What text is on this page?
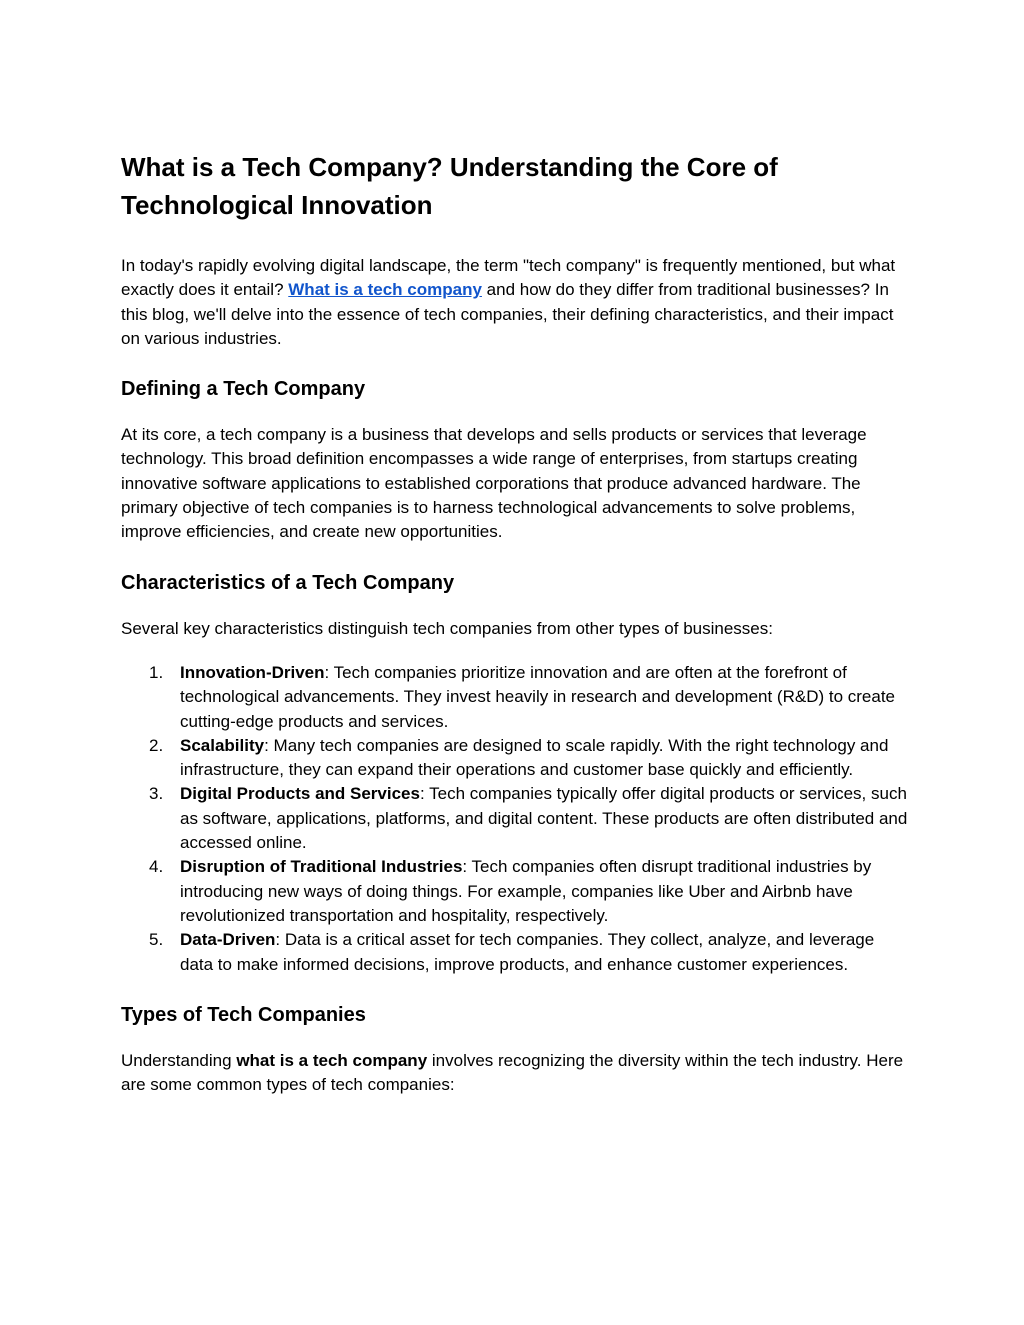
What is a Tech Company? Understanding the Core of Technological Innovation

In today's rapidly evolving digital landscape, the term "tech company" is frequently mentioned, but what exactly does it entail? What is a tech company and how do they differ from traditional businesses? In this blog, we'll delve into the essence of tech companies, their defining characteristics, and their impact on various industries.

Defining a Tech Company

At its core, a tech company is a business that develops and sells products or services that leverage technology. This broad definition encompasses a wide range of enterprises, from startups creating innovative software applications to established corporations that produce advanced hardware. The primary objective of tech companies is to harness technological advancements to solve problems, improve efficiencies, and create new opportunities.

Characteristics of a Tech Company

Several key characteristics distinguish tech companies from other types of businesses:

1. Innovation-Driven: Tech companies prioritize innovation and are often at the forefront of technological advancements. They invest heavily in research and development (R&D) to create cutting-edge products and services.
2. Scalability: Many tech companies are designed to scale rapidly. With the right technology and infrastructure, they can expand their operations and customer base quickly and efficiently.
3. Digital Products and Services: Tech companies typically offer digital products or services, such as software, applications, platforms, and digital content. These products are often distributed and accessed online.
4. Disruption of Traditional Industries: Tech companies often disrupt traditional industries by introducing new ways of doing things. For example, companies like Uber and Airbnb have revolutionized transportation and hospitality, respectively.
5. Data-Driven: Data is a critical asset for tech companies. They collect, analyze, and leverage data to make informed decisions, improve products, and enhance customer experiences.
Types of Tech Companies

Understanding what is a tech company involves recognizing the diversity within the tech industry. Here are some common types of tech companies:
